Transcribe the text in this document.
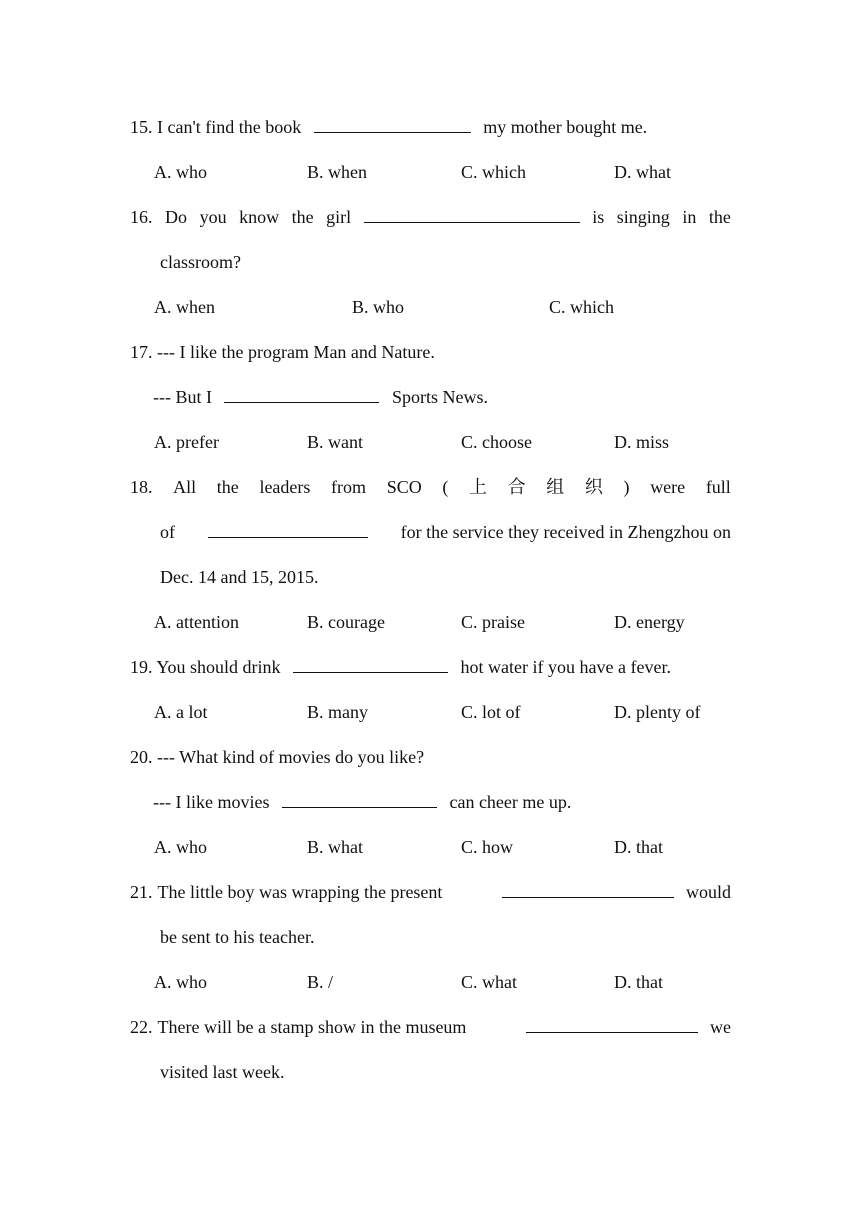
15. I can't find the book	my mother bought me.
A. who	B. when	C. which	D. what
16. Do you know the girl	is singing in the
classroom?
A. when	B. who	C. which
17. --- I like the program Man and Nature.
--- But I	Sports News.
A. prefer	B. want	C. choose	D. miss
18. All the leaders from SCO ( 上 合 组 织 ) were full
of	for the service they received in Zhengzhou on
Dec. 14 and 15, 2015.
A. attention	B. courage	C. praise	D. energy
19. You should drink	hot water if you have a fever.
A. a lot	B. many	C. lot of	D. plenty of
20. --- What kind of movies do you like?
--- I like movies	can cheer me up.
A. who	B. what	C. how	D. that
21. The little boy was wrapping the present	would
be sent to his teacher.
A. who	B. /	C. what	D. that
22. There will be a stamp show in the museum	we
visited last week.
